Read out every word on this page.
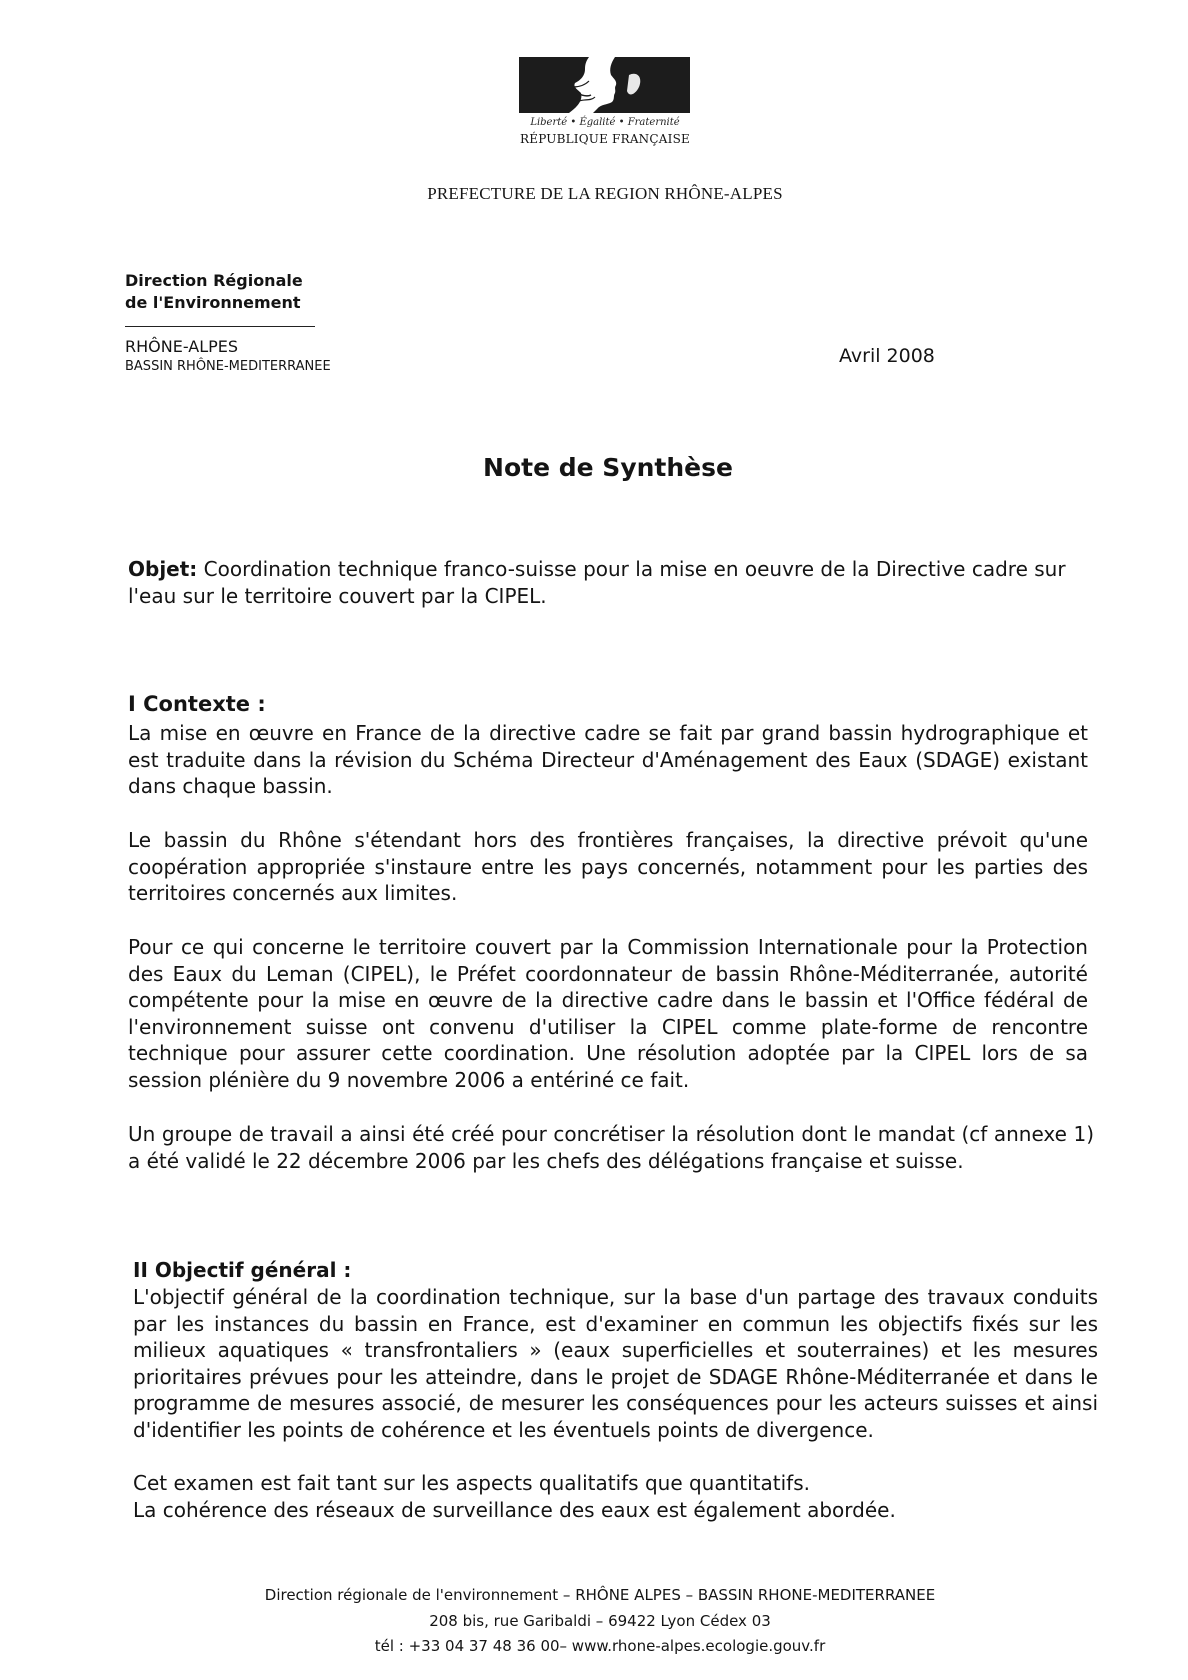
Liberté • Égalité • Fraternité
RÉPUBLIQUE FRANÇAISE
PREFECTURE DE LA REGION RHÔNE-ALPES
Direction Régionale
de l'Environnement
RHÔNE-ALPES
BASSIN RHÔNE-MEDITERRANEE	Avril 2008
Note de Synthèse

Objet: Coordination technique franco-suisse pour la mise en oeuvre de la Directive cadre sur l'eau sur le territoire couvert par la CIPEL.

I Contexte :

La mise en œuvre en France de la directive cadre se fait par grand bassin hydrographique et est traduite dans la révision du Schéma Directeur d'Aménagement des Eaux (SDAGE) existant dans chaque bassin.

Le bassin du Rhône s'étendant hors des frontières françaises, la directive prévoit qu'une coopération appropriée s'instaure entre les pays concernés, notamment pour les parties des territoires concernés aux limites.

Pour ce qui concerne le territoire couvert par la Commission Internationale pour la Protection des Eaux du Leman (CIPEL), le Préfet coordonnateur de bassin Rhône-Méditerranée, autorité compétente pour la mise en œuvre de la directive cadre dans le bassin et l'Office fédéral de l'environnement suisse ont convenu d'utiliser la CIPEL comme plate-forme de rencontre technique pour assurer cette coordination. Une résolution adoptée par la CIPEL lors de sa session plénière du 9 novembre 2006 a entériné ce fait.

Un groupe de travail a ainsi été créé pour concrétiser la résolution dont le mandat (cf annexe 1) a été validé le 22 décembre 2006 par les chefs des délégations française et suisse.

II Objectif général :

L'objectif général de la coordination technique, sur la base d'un partage des travaux conduits par les instances du bassin en France, est d'examiner en commun les objectifs fixés sur les milieux aquatiques « transfrontaliers » (eaux superficielles et souterraines) et les mesures prioritaires prévues pour les atteindre, dans le projet de SDAGE Rhône-Méditerranée et dans le programme de mesures associé, de mesurer les conséquences pour les acteurs suisses et ainsi d'identifier les points de cohérence et les éventuels points de divergence.

Cet examen est fait tant sur les aspects qualitatifs que quantitatifs.

La cohérence des réseaux de surveillance des eaux est également abordée.

Direction régionale de l'environnement – RHÔNE ALPES – BASSIN RHONE-MEDITERRANEE
208 bis, rue Garibaldi – 69422 Lyon Cédex 03
tél : +33 04 37 48 36 00– www.rhone-alpes.ecologie.gouv.fr
